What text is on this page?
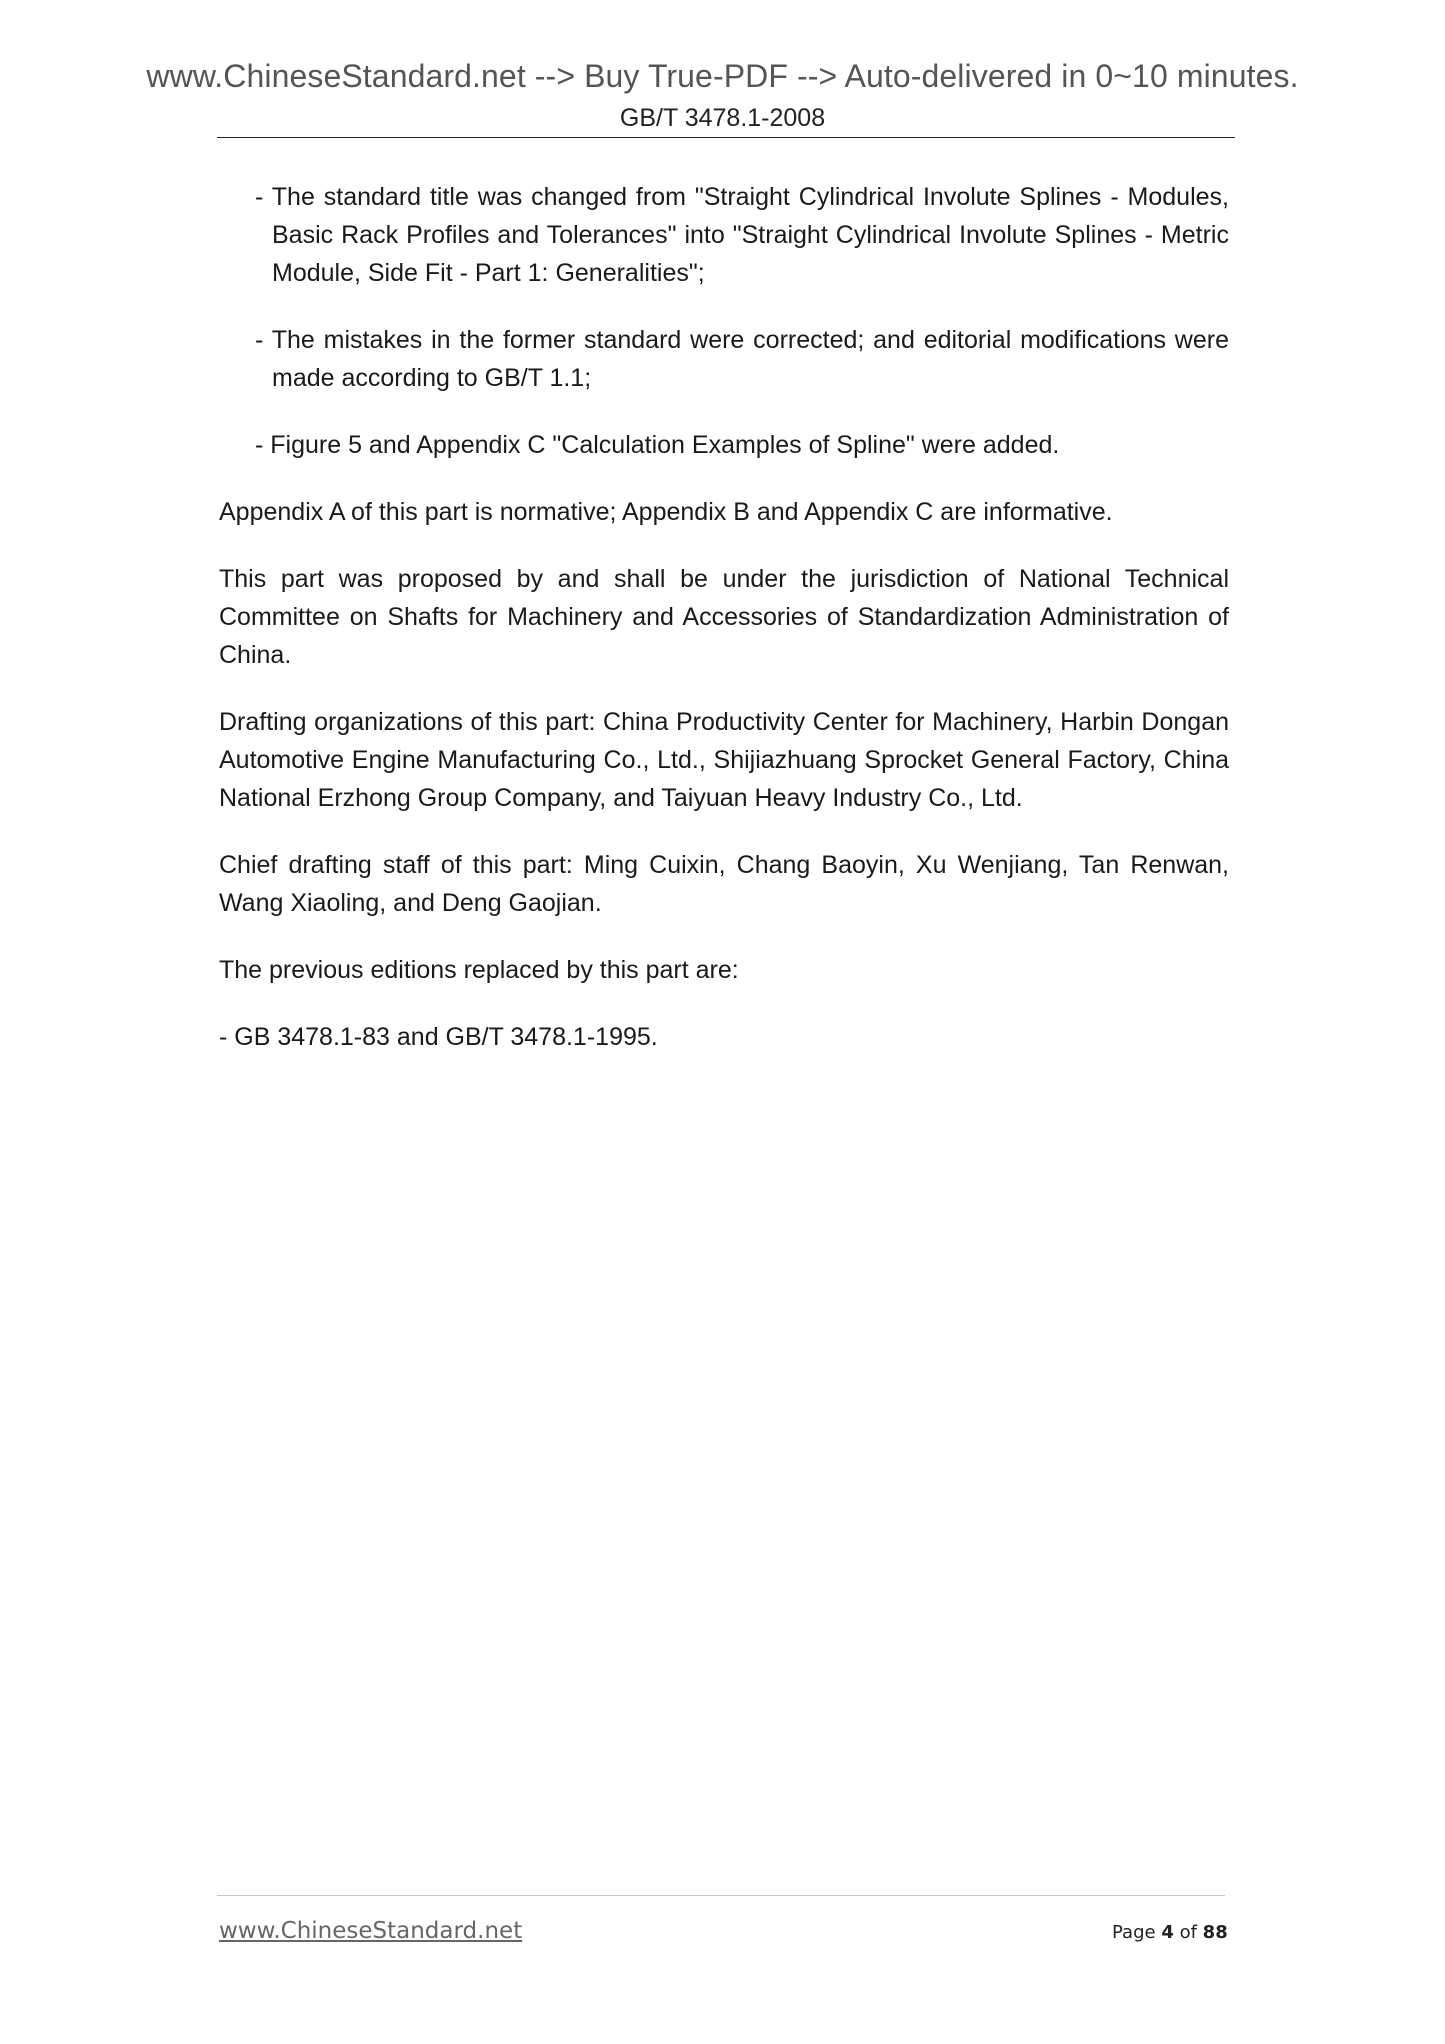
www.ChineseStandard.net --> Buy True-PDF --> Auto-delivered in 0~10 minutes.
GB/T 3478.1-2008

- The standard title was changed from "Straight Cylindrical Involute Splines - Modules, Basic Rack Profiles and Tolerances" into "Straight Cylindrical Involute Splines - Metric Module, Side Fit - Part 1: Generalities";

- The mistakes in the former standard were corrected; and editorial modifications were made according to GB/T 1.1;

- Figure 5 and Appendix C "Calculation Examples of Spline" were added.

Appendix A of this part is normative; Appendix B and Appendix C are informative.

This part was proposed by and shall be under the jurisdiction of National Technical Committee on Shafts for Machinery and Accessories of Standardization Administration of China.

Drafting organizations of this part: China Productivity Center for Machinery, Harbin Dongan Automotive Engine Manufacturing Co., Ltd., Shijiazhuang Sprocket General Factory, China National Erzhong Group Company, and Taiyuan Heavy Industry Co., Ltd.

Chief drafting staff of this part: Ming Cuixin, Chang Baoyin, Xu Wenjiang, Tan Renwan, Wang Xiaoling, and Deng Gaojian.

The previous editions replaced by this part are:

- GB 3478.1-83 and GB/T 3478.1-1995.

www.ChineseStandard.net	Page 4 of 88
